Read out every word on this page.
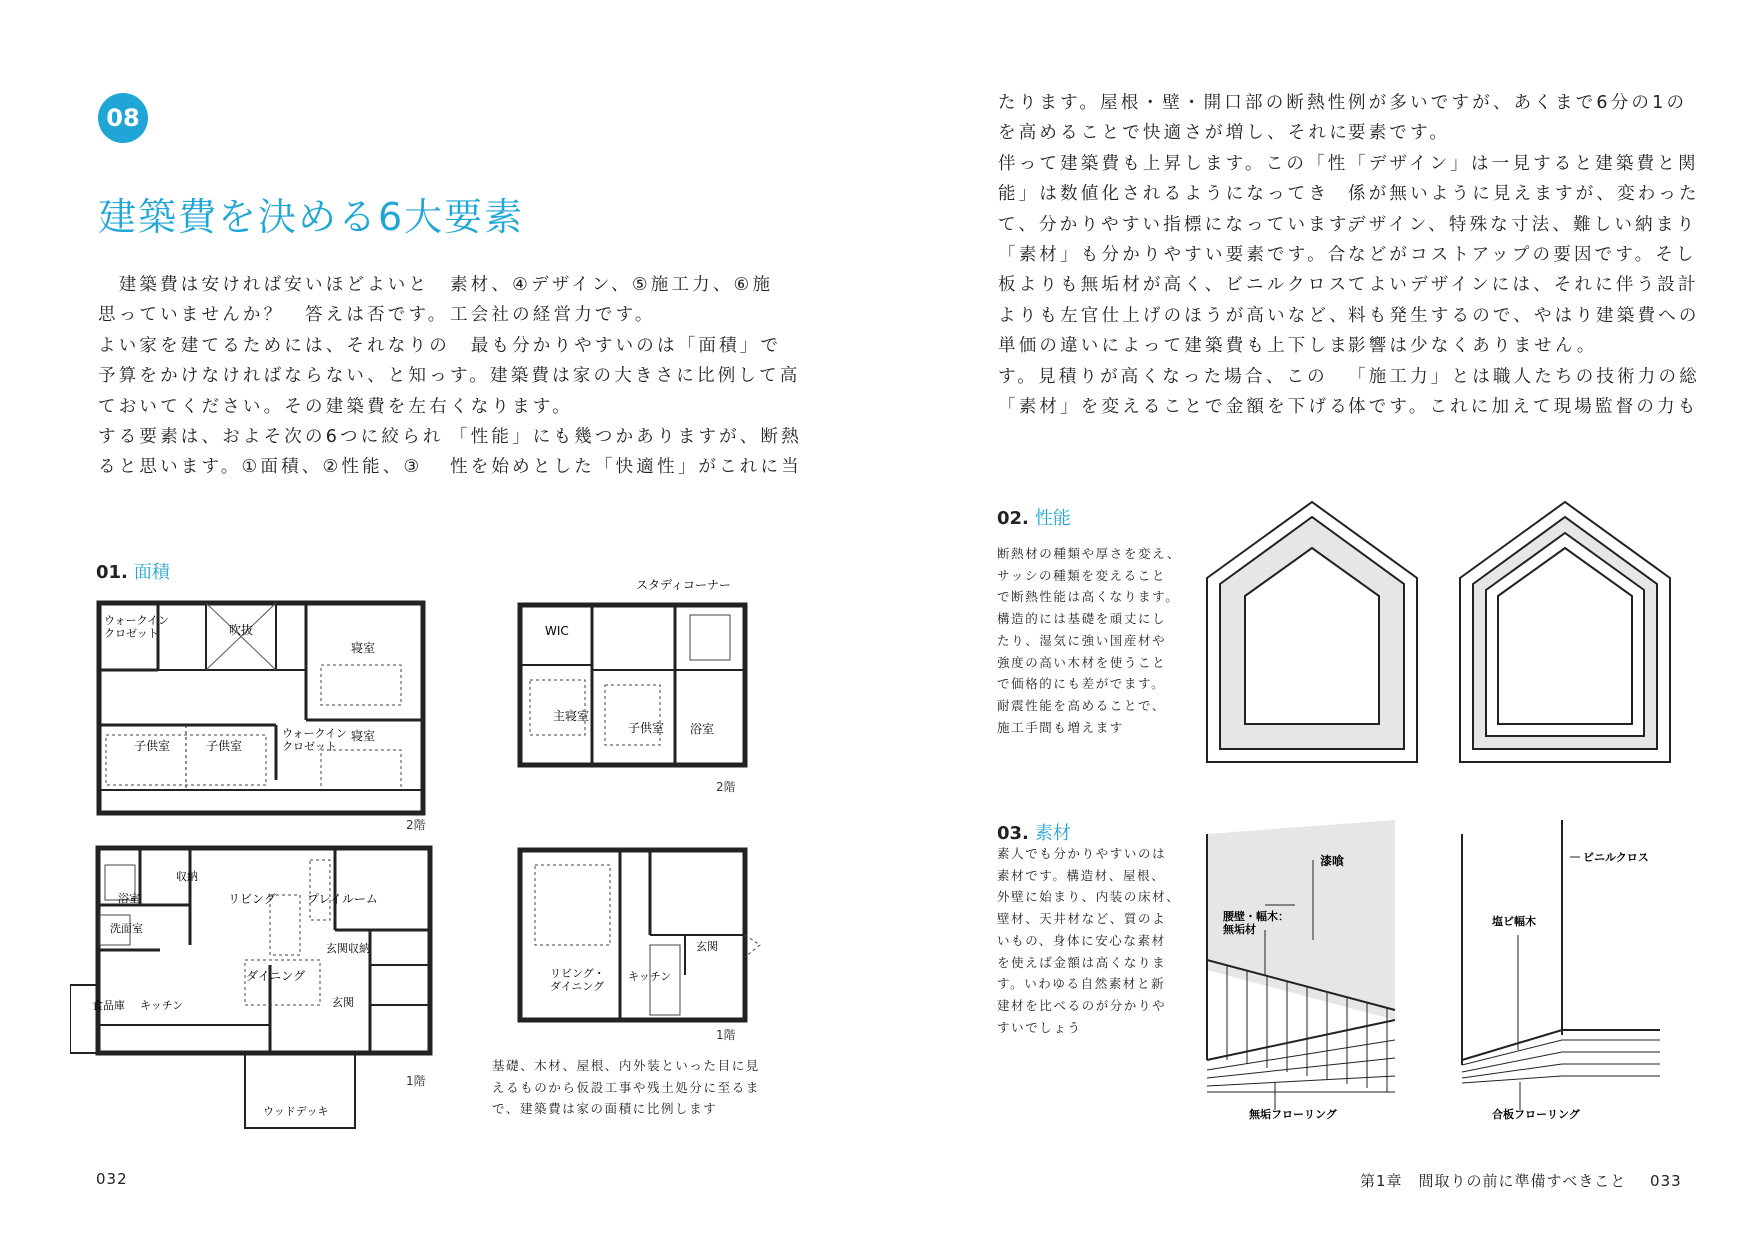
08
建築費を決める6大要素
　建築費は安ければ安いほどよいと
思っていませんか？　答えは否です。
よい家を建てるためには、それなりの
予算をかけなければならない、と知っ
ておいてください。その建築費を左右
する要素は、およそ次の6つに絞られ
ると思います。①面積、②性能、③
素材、④デザイン、⑤施工力、⑥施
工会社の経営力です。
　最も分かりやすいのは「面積」で
す。建築費は家の大きさに比例して高
くなります。
「性能」にも幾つかありますが、断熱
性を始めとした「快適性」がこれに当
01. 面積
ウォークイン
クロゼット	吹抜
寝室
子供室	子供室
ウォークイン
クロゼット
寝室
2階
浴室
収納
リビング	プレイルーム
洗面室
玄関収納
ダイニング
食品庫 キッチン	玄関
ウッドデッキ
1階
スタディコーナー
WIC
主寝室
子供室 浴室
2階
リビング・
ダイニング
キッチン
玄関
1階
基礎、木材、屋根、内外装といった目に見
えるものから仮設工事や残土処分に至るま
で、建築費は家の面積に比例します
032
たります。屋根・壁・開口部の断熱性
を高めることで快適さが増し、それに
伴って建築費も上昇します。この「性
能」は数値化されるようになってき
て、分かりやすい指標になっています。
「素材」も分かりやすい要素です。合
板よりも無垢材が高く、ビニルクロス
よりも左官仕上げのほうが高いなど、
単価の違いによって建築費も上下しま
す。見積りが高くなった場合、この
「素材」を変えることで金額を下げる
例が多いですが、あくまで6分の1の
要素です。
「デザイン」は一見すると建築費と関
係が無いように見えますが、変わった
デザイン、特殊な寸法、難しい納まり
などがコストアップの要因です。そし
てよいデザインには、それに伴う設計
料も発生するので、やはり建築費への
影響は少なくありません。
「施工力」とは職人たちの技術力の総
体です。これに加えて現場監督の力も
02. 性能
断熱材の種類や厚さを変え、
サッシの種類を変えること
で断熱性能は高くなります。
構造的には基礎を頑丈にし
たり、湿気に強い国産材や
強度の高い木材を使うこと
で価格的にも差がでます。
耐震性能を高めることで、
施工手間も増えます
03. 素材
素人でも分かりやすいのは
素材です。構造材、屋根、
外壁に始まり、内装の床材、
壁材、天井材など、質のよ
いもの、身体に安心な素材
を使えば金額は高くなりま
す。いわゆる自然素材と新
建材を比べるのが分かりや
すいでしょう
漆喰
腰壁・幅木：
無垢材
無垢フローリング
ビニルクロス
塩ビ幅木
合板フローリング
第1章　間取りの前に準備すべきこと 033
